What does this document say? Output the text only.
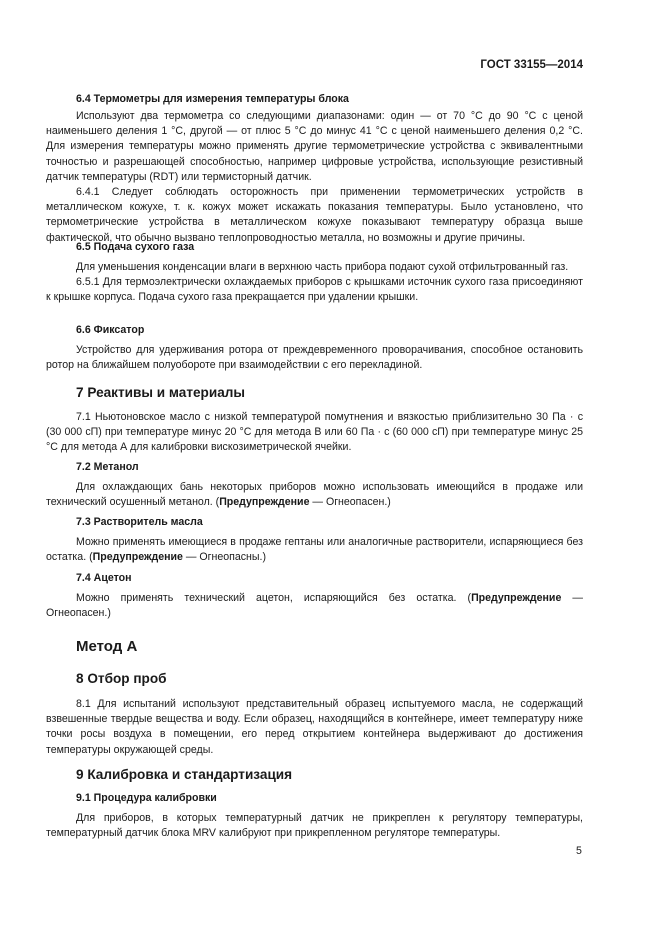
ГОСТ 33155—2014

6.4 Термометры для измерения температуры блока

Используют два термометра со следующими диапазонами: один — от 70 °С до 90 °С с ценой наименьшего деления 1 °С, другой — от плюс 5 °С до минус 41 °С с ценой наименьшего деления 0,2 °С. Для измерения температуры можно применять другие термометрические устройства с эквивалентными точностью и разрешающей способностью, например цифровые устройства, использующие резистивный датчик температуры (RDT) или термисторный датчик.

6.4.1 Следует соблюдать осторожность при применении термометрических устройств в металлическом кожухе, т. к. кожух может искажать показания температуры. Было установлено, что термометрические устройства в металлическом кожухе показывают температуру образца выше фактической, что обычно вызвано теплопроводностью металла, но возможны и другие причины.

6.5 Подача сухого газа

Для уменьшения конденсации влаги в верхнюю часть прибора подают сухой отфильтрованный газ.

6.5.1 Для термоэлектрически охлаждаемых приборов с крышками источник сухого газа присоединяют к крышке корпуса. Подача сухого газа прекращается при удалении крышки.

6.6 Фиксатор

Устройство для удерживания ротора от преждевременного проворачивания, способное остановить ротор на ближайшем полуобороте при взаимодействии с его перекладиной.

7 Реактивы и материалы

7.1 Ньютоновское масло с низкой температурой помутнения и вязкостью приблизительно 30 Па · с (30 000 сП) при температуре минус 20 °С для метода В или 60 Па · с (60 000 сП) при температуре минус 25 °С для метода А для калибровки вискозиметрической ячейки.

7.2 Метанол

Для охлаждающих бань некоторых приборов можно использовать имеющийся в продаже или технический осушенный метанол. (Предупреждение — Огнеопасен.)

7.3 Растворитель масла

Можно применять имеющиеся в продаже гептаны или аналогичные растворители, испаряющиеся без остатка. (Предупреждение — Огнеопасны.)

7.4 Ацетон

Можно применять технический ацетон, испаряющийся без остатка. (Предупреждение — Огнеопасен.)

Метод А

8 Отбор проб

8.1 Для испытаний используют представительный образец испытуемого масла, не содержащий взвешенные твердые вещества и воду. Если образец, находящийся в контейнере, имеет температуру ниже точки росы воздуха в помещении, его перед открытием контейнера выдерживают до достижения температуры окружающей среды.

9 Калибровка и стандартизация

9.1 Процедура калибровки

Для приборов, в которых температурный датчик не прикреплен к регулятору температуры, температурный датчик блока MRV калибруют при прикрепленном регуляторе температуры.

5
